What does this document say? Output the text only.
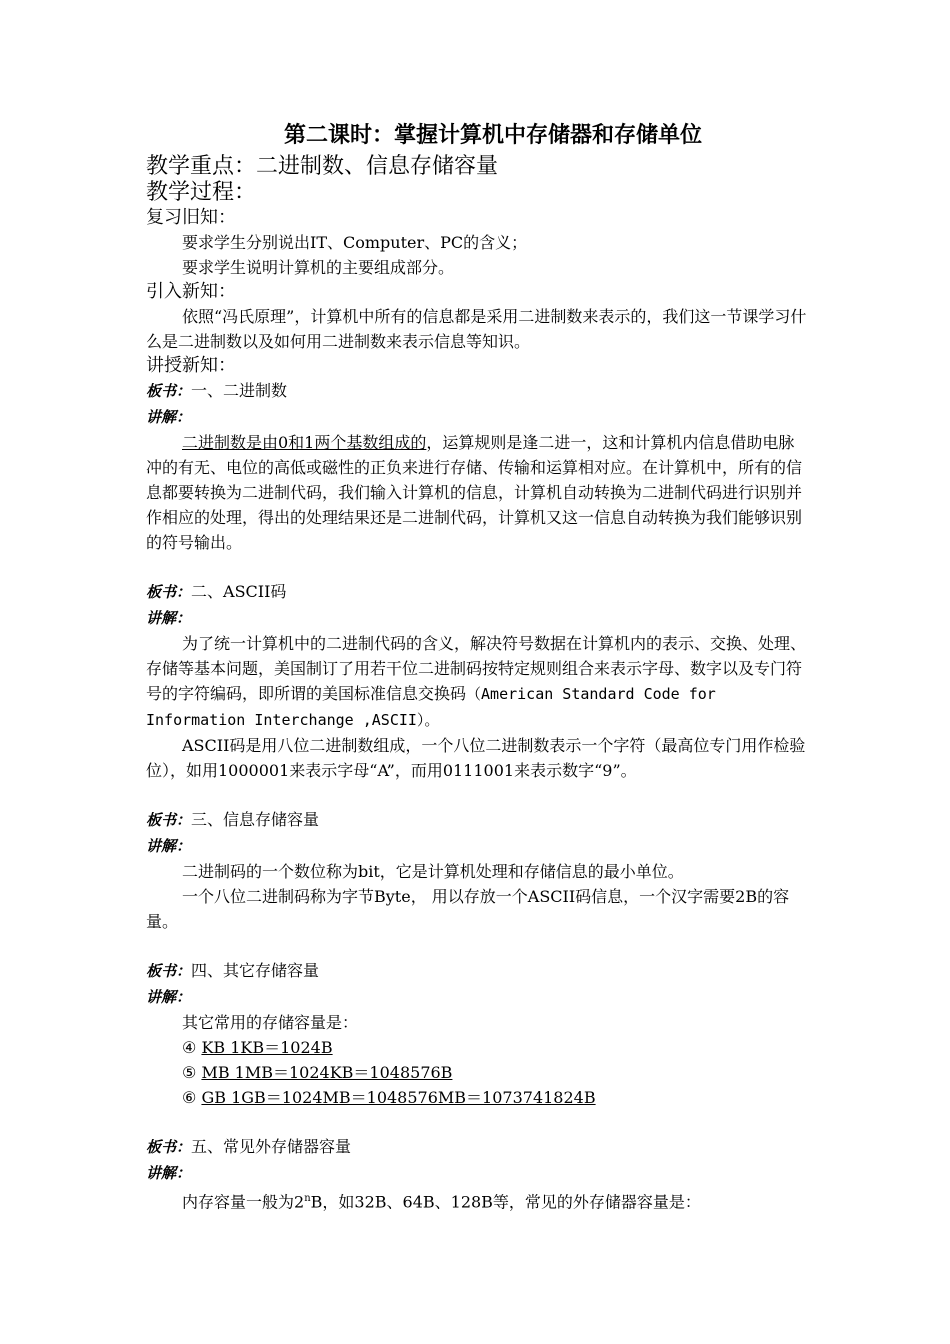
第二课时：掌握计算机中存储器和存储单位

教学重点：二进制数、信息存储容量

教学过程：

复习旧知：

要求学生分别说出IT、Computer、PC的含义；

要求学生说明计算机的主要组成部分。

引入新知：

依照“冯氏原理”，计算机中所有的信息都是采用二进制数来表示的，我们这一节课学习什么是二进制数以及如何用二进制数来表示信息等知识。

讲授新知：

板书：一、二进制数

讲解：

二进制数是由0和1两个基数组成的，运算规则是逢二进一，这和计算机内信息借助电脉冲的有无、电位的高低或磁性的正负来进行存储、传输和运算相对应。在计算机中，所有的信息都要转换为二进制代码，我们输入计算机的信息，计算机自动转换为二进制代码进行识别并作相应的处理，得出的处理结果还是二进制代码，计算机又这一信息自动转换为我们能够识别的符号输出。

板书：二、ASCII码

讲解：

为了统一计算机中的二进制代码的含义，解决符号数据在计算机内的表示、交换、处理、存储等基本问题，美国制订了用若干位二进制码按特定规则组合来表示字母、数字以及专门符号的字符编码，即所谓的美国标准信息交换码（American Standard Code for Information Interchange ,ASCII）。

ASCII码是用八位二进制数组成，一个八位二进制数表示一个字符（最高位专门用作检验位），如用1000001来表示字母“A”，而用0111001来表示数字“9”。

板书：三、信息存储容量

讲解：

二进制码的一个数位称为bit，它是计算机处理和存储信息的最小单位。

一个八位二进制码称为字节Byte， 用以存放一个ASCII码信息，一个汉字需要2B的容量。

板书：四、其它存储容量

讲解：

其它常用的存储容量是：

④ KB 1KB＝1024B

⑤ MB 1MB＝1024KB＝1048576B

⑥ GB 1GB＝1024MB＝1048576MB＝1073741824B

板书：五、常见外存储器容量

讲解：

内存容量一般为2$^n$B，如32B、64B、128B等，常见的外存储器容量是：
